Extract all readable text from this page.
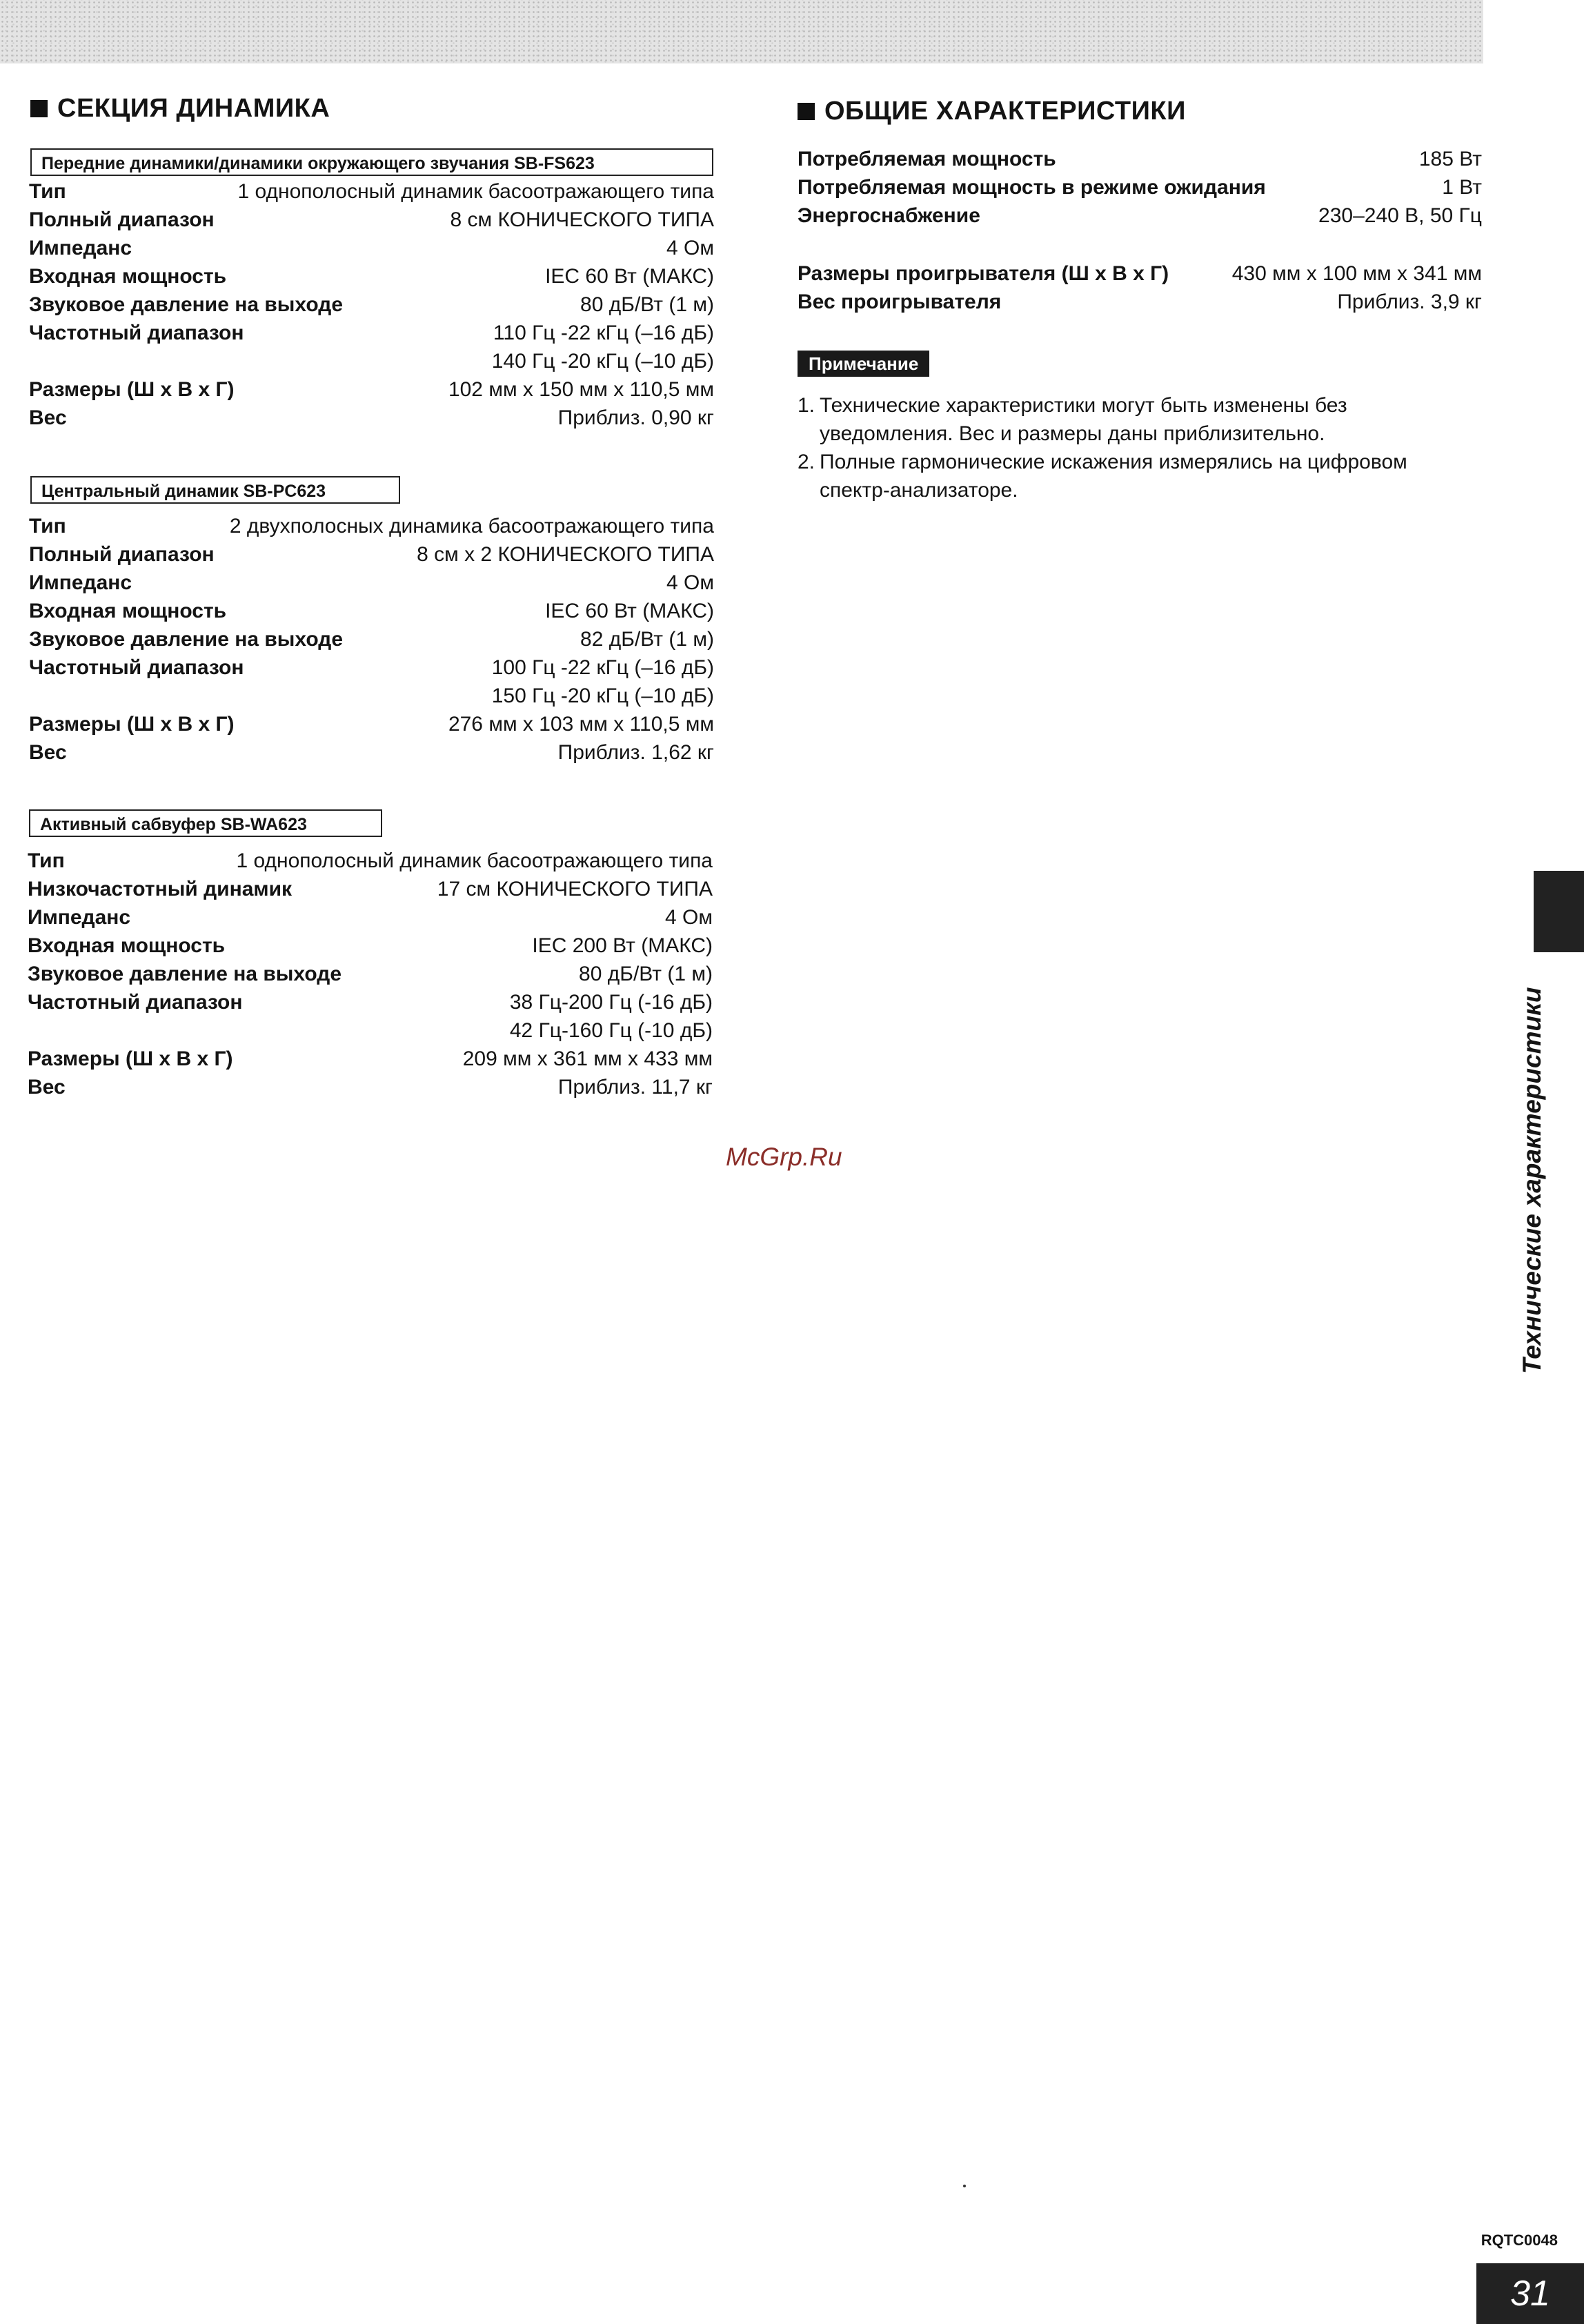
СЕКЦИЯ ДИНАМИКА
Передние динамики/динамики окружающего звучания SB-FS623
Тип	1 однополосный динамик басоотражающего типа
Полный диапазон	8 см КОНИЧЕСКОГО ТИПА
Импеданс	4 Ом
Входная мощность	IEC 60 Вт (МАКС)
Звуковое давление на выходе	80 дБ/Вт (1 м)
Частотный диапазон	110 Гц -22 кГц (–16 дБ)
140 Гц -20 кГц (–10 дБ)
Размеры (Ш x В x Г)	102 мм x 150 мм x 110,5 мм
Вес	Приблиз. 0,90 кг
Центральный динамик SB-PC623
Тип	2 двухполосных динамика басоотражающего типа
Полный диапазон	8 см x 2 КОНИЧЕСКОГО ТИПА
Импеданс	4 Ом
Входная мощность	IEC 60 Вт (МАКС)
Звуковое давление на выходе	82 дБ/Вт (1 м)
Частотный диапазон	100 Гц -22 кГц (–16 дБ)
150 Гц -20 кГц (–10 дБ)
Размеры (Ш x В x Г)	276 мм x 103 мм x 110,5 мм
Вес	Приблиз. 1,62 кг
Активный сабвуфер SB-WA623
Тип	1 однополосный динамик басоотражающего типа
Низкочастотный динамик	17 см КОНИЧЕСКОГО ТИПА
Импеданс	4 Ом
Входная мощность	IEC 200 Вт (МАКС)
Звуковое давление на выходе	80 дБ/Вт (1 м)
Частотный диапазон	38 Гц-200 Гц (-16 дБ)
42 Гц-160 Гц (-10 дБ)
Размеры (Ш x В x Г)	209 мм x 361 мм x 433 мм
Вес	Приблиз. 11,7 кг
ОБЩИЕ ХАРАКТЕРИСТИКИ
Потребляемая мощность	185 Вт
Потребляемая мощность в режиме ожидания	1 Вт
Энергоснабжение	230–240 В, 50 Гц
Размеры проигрывателя (Ш x В x Г)	430 мм x 100 мм x 341 мм
Вес проигрывателя	Приблиз. 3,9 кг
Примечание
1. Технические характеристики могут быть изменены без уведомления. Вес и размеры даны приблизительно.
2. Полные гармонические искажения измерялись на цифровом спектр-анализаторе.
McGrp.Ru	Технические характеристики
RQTC0048
31
